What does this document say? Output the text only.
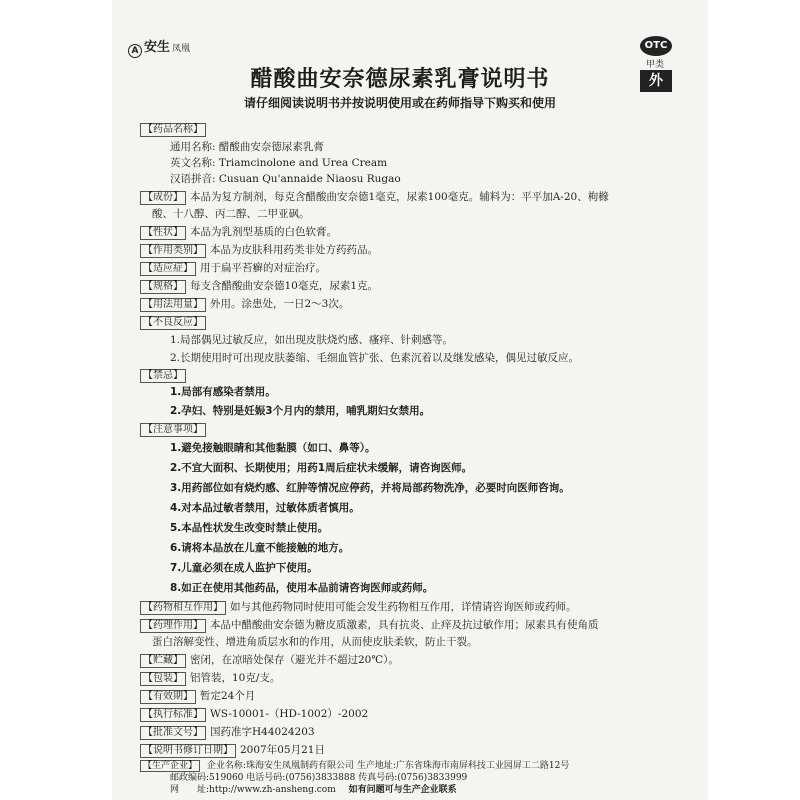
A 安生 凤凰	OTC
甲类
外
醋酸曲安奈德尿素乳膏说明书
请仔细阅读说明书并按说明使用或在药师指导下购买和使用
【药品名称】
通用名称: 醋酸曲安奈德尿素乳膏
英文名称: Triamcinolone and Urea Cream
汉语拼音: Cusuan Qu'annaide Niaosu Rugao
【成份】 本品为复方制剂，每克含醋酸曲安奈德1毫克，尿素100毫克。辅料为：平平加A-20、枸橼
酸、十八醇、丙二醇、二甲亚砜。
【性状】 本品为乳剂型基质的白色软膏。
【作用类别】 本品为皮肤科用药类非处方药药品。
【适应症】 用于扁平苔癣的对症治疗。
【规格】 每支含醋酸曲安奈德10毫克，尿素1克。
【用法用量】 外用。涂患处，一日2～3次。
【不良反应】
1.局部偶见过敏反应，如出现皮肤烧灼感、瘙痒、针刺感等。
2.长期使用时可出现皮肤萎缩、毛细血管扩张、色素沉着以及继发感染，偶见过敏反应。
【禁忌】
1.局部有感染者禁用。
2.孕妇、特别是妊娠3个月内的禁用，哺乳期妇女禁用。
【注意事项】
1.避免接触眼睛和其他黏膜（如口、鼻等）。
2.不宜大面积、长期使用；用药1周后症状未缓解，请咨询医师。
3.用药部位如有烧灼感、红肿等情况应停药，并将局部药物洗净，必要时向医师咨询。
4.对本品过敏者禁用，过敏体质者慎用。
5.本品性状发生改变时禁止使用。
6.请将本品放在儿童不能接触的地方。
7.儿童必须在成人监护下使用。
8.如正在使用其他药品，使用本品前请咨询医师或药师。
【药物相互作用】 如与其他药物同时使用可能会发生药物相互作用，详情请咨询医师或药师。
【药理作用】 本品中醋酸曲安奈德为糖皮质激素，具有抗炎、止痒及抗过敏作用；尿素具有使角质
蛋白溶解变性、增进角质层水和的作用，从而使皮肤柔软，防止干裂。
【贮藏】 密闭，在凉暗处保存（避光并不超过20℃）。
【包装】 铝管装，10克/支。
【有效期】 暂定24个月
【执行标准】 WS-10001-（HD-1002）-2002
【批准文号】 国药准字H44024203
【说明书修订日期】 2007年05月21日
【生产企业】 企业名称:珠海安生凤凰制药有限公司 生产地址:广东省珠海市南屏科技工业园屏工二路12号
邮政编码:519060 电话号码:(0756)3833888 传真号码:(0756)3833999
网　　址:http://www.zh-ansheng.com 如有问题可与生产企业联系
